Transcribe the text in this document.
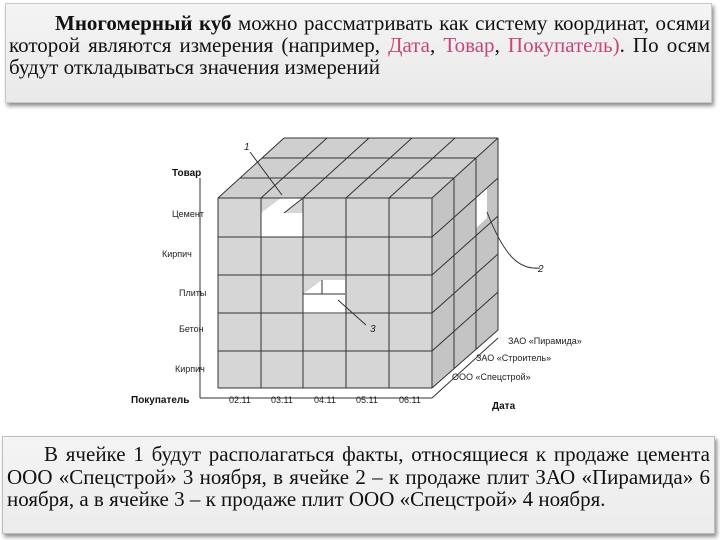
Многомерный куб можно рассматривать как систему координат, осями которой являются измерения (например, Дата, Товар, Покупатель). По осям будут откладываться значения измерений

Товар
Покупатель
Дата
Цемент
Кирпич
Плиты
Бетон
Кирпич
02.11 03.11 04.11 05.11 06.11
ЗАО «Пирамида»
ЗАО «Строитель»
ООО «Спецстрой»
1
2
3

В ячейке 1 будут располагаться факты, относящиеся к продаже цемента ООО «Спецстрой» 3 ноября, в ячейке 2 – к продаже плит ЗАО «Пирамида» 6 ноября, а в ячейке 3 – к продаже плит ООО «Спецстрой» 4 ноября.
